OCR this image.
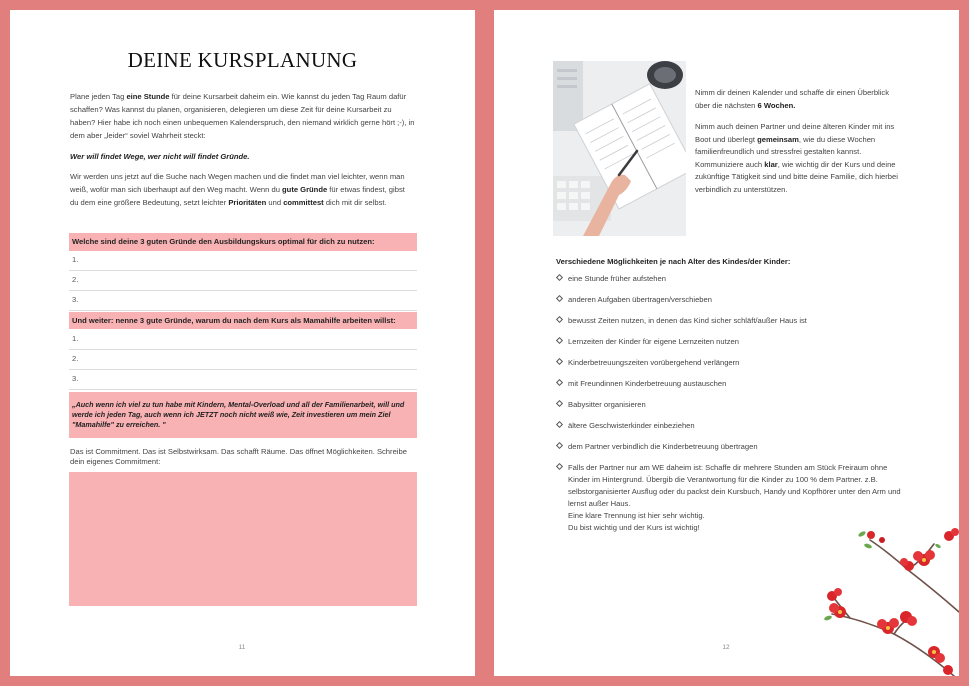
DEINE KURSPLANUNG

Plane jeden Tag eine Stunde für deine Kursarbeit daheim ein. Wie kannst du jeden Tag Raum dafür schaffen? Was kannst du planen, organisieren, delegieren um diese Zeit für deine Kursarbeit zu haben? Hier habe ich noch einen unbequemen Kalenderspruch, den niemand wirklich gerne hört ;-), in dem aber „leider“ soviel Wahrheit steckt:

Wer will findet Wege, wer nicht will findet Gründe.

Wir werden uns jetzt auf die Suche nach Wegen machen und die findet man viel leichter, wenn man weiß, wofür man sich überhaupt auf den Weg macht. Wenn du gute Gründe für etwas findest, gibst du dem eine größere Bedeutung, setzt leichter Prioritäten und committest dich mit dir selbst.

Welche sind deine 3 guten Gründe den Ausbildungskurs optimal für dich zu nutzen:
1.
2.
3.
Und weiter: nenne 3 gute Gründe, warum du nach dem Kurs als Mamahilfe arbeiten willst:
1.
2.
3.
„Auch wenn ich viel zu tun habe mit Kindern, Mental-Overload und all der Familienarbeit, will und werde ich jeden Tag, auch wenn ich JETZT noch nicht weiß wie, Zeit investieren um mein Ziel "Mamahilfe" zu erreichen. "

Das ist Commitment. Das ist Selbstwirksam. Das schafft Räume. Das öffnet Möglichkeiten. Schreibe dein eigenes Commitment:

11

Nimm dir deinen Kalender und schaffe dir einen Überblick über die nächsten 6 Wochen.

Nimm auch deinen Partner und deine älteren Kinder mit ins Boot und überlegt gemeinsam, wie du diese Wochen familienfreundlich und stressfrei gestalten kannst. Kommuniziere auch klar, wie wichtig dir der Kurs und deine zukünftige Tätigkeit sind und bitte deine Familie, dich hierbei verbindlich zu unterstützen.

Verschiedene Möglichkeiten je nach Alter des Kindes/der Kinder:
eine Stunde früher aufstehen
anderen Aufgaben übertragen/verschieben
bewusst Zeiten nutzen, in denen das Kind sicher schläft/außer Haus ist
Lernzeiten der Kinder für eigene Lernzeiten nutzen
Kinderbetreuungszeiten vorübergehend verlängern
mit Freundinnen Kinderbetreuung austauschen
Babysitter organisieren
ältere Geschwisterkinder einbeziehen
dem Partner verbindlich die Kinderbetreuung übertragen
Falls der Partner nur am WE daheim ist: Schaffe dir mehrere Stunden am Stück Freiraum ohne Kinder im Hintergrund. Übergib die Verantwortung für die Kinder zu 100 % dem Partner. z.B. selbstorganisierter Ausflug oder du packst dein Kursbuch, Handy und Kopfhörer unter den Arm und lernst außer Haus.
Eine klare Trennung ist hier sehr wichtig.
Du bist wichtig und der Kurs ist wichtig!
12
